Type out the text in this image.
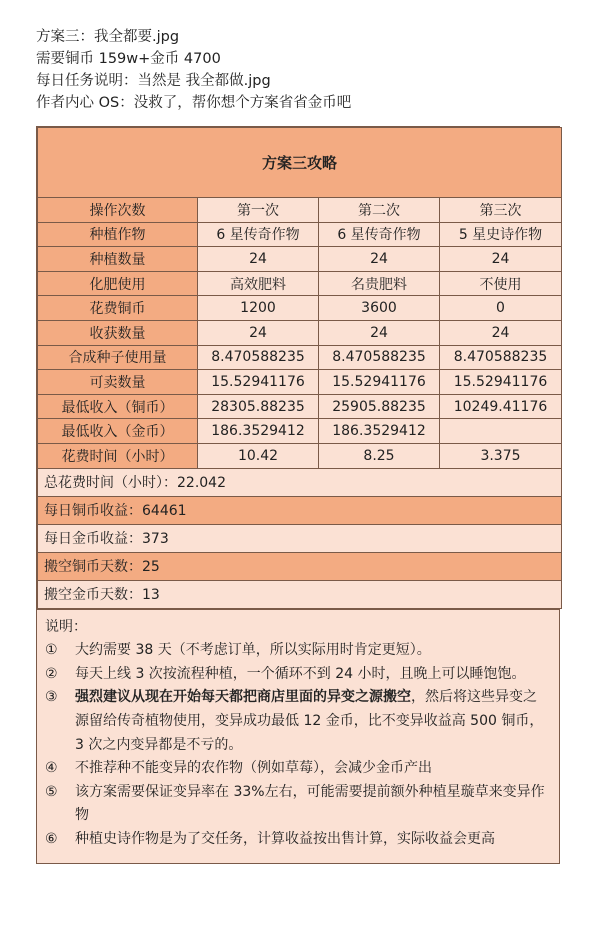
方案三：我全都要.jpg
需要铜币 159w+金币 4700
每日任务说明：当然是 我全都做.jpg
作者内心 OS：没救了，帮你想个方案省省金币吧
方案三攻略			
操作次数	第一次	第二次	第三次
种植作物	6 星传奇作物	6 星传奇作物	5 星史诗作物
种植数量	24	24	24
化肥使用	高效肥料	名贵肥料	不使用
花费铜币	1200	3600	0
收获数量	24	24	24
合成种子使用量	8.470588235	8.470588235	8.470588235
可卖数量	15.52941176	15.52941176	15.52941176
最低收入（铜币）	28305.88235	25905.88235	10249.41176
最低收入（金币）	186.3529412	186.3529412	
花费时间（小时）	10.42	8.25	3.375
总花费时间（小时）：22.042			
每日铜币收益：64461			
每日金币收益：373			
搬空铜币天数：25			
搬空金币天数：13			
说明：
①	大约需要 38 天（不考虑订单，所以实际用时肯定更短）。
②	每天上线 3 次按流程种植，一个循环不到 24 小时，且晚上可以睡饱饱。
③	强烈建议从现在开始每天都把商店里面的异变之源搬空，然后将这些异变之源留给传奇植物使用，变异成功最低 12 金币，比不变异收益高 500 铜币，3 次之内变异都是不亏的。
④	不推荐种不能变异的农作物（例如草莓），会减少金币产出
⑤	该方案需要保证变异率在 33%左右，可能需要提前额外种植星璇草来变异作物
⑥	种植史诗作物是为了交任务，计算收益按出售计算，实际收益会更高
